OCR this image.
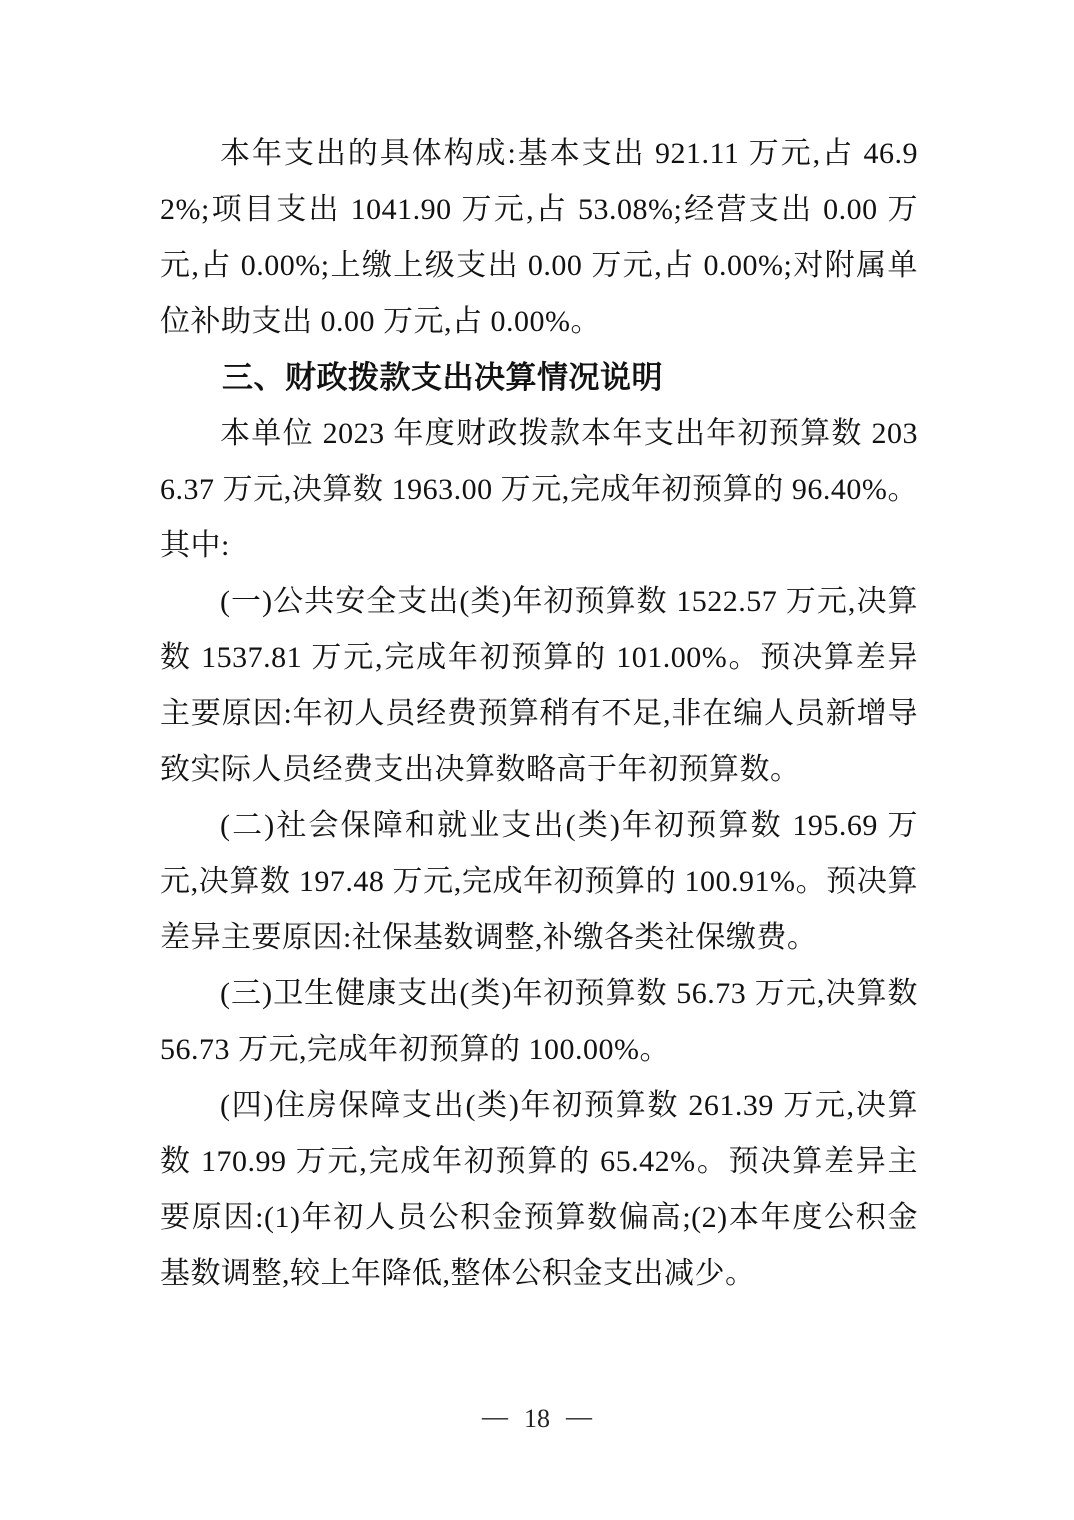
本年支出的具体构成:基本支出 921.11 万元,占 46.92%;项目支出 1041.90 万元,占 53.08%;经营支出 0.00 万元,占 0.00%;上缴上级支出 0.00 万元,占 0.00%;对附属单位补助支出 0.00 万元,占 0.00%。

三、财政拨款支出决算情况说明

本单位 2023 年度财政拨款本年支出年初预算数 2036.37 万元,决算数 1963.00 万元,完成年初预算的 96.40%。其中:

(一)公共安全支出(类)年初预算数 1522.57 万元,决算数 1537.81 万元,完成年初预算的 101.00%。预决算差异主要原因:年初人员经费预算稍有不足,非在编人员新增导致实际人员经费支出决算数略高于年初预算数。

(二)社会保障和就业支出(类)年初预算数 195.69 万元,决算数 197.48 万元,完成年初预算的 100.91%。预决算差异主要原因:社保基数调整,补缴各类社保缴费。

(三)卫生健康支出(类)年初预算数 56.73 万元,决算数 56.73 万元,完成年初预算的 100.00%。

(四)住房保障支出(类)年初预算数 261.39 万元,决算数 170.99 万元,完成年初预算的 65.42%。预决算差异主要原因:(1)年初人员公积金预算数偏高;(2)本年度公积金基数调整,较上年降低,整体公积金支出减少。

— 18 —
